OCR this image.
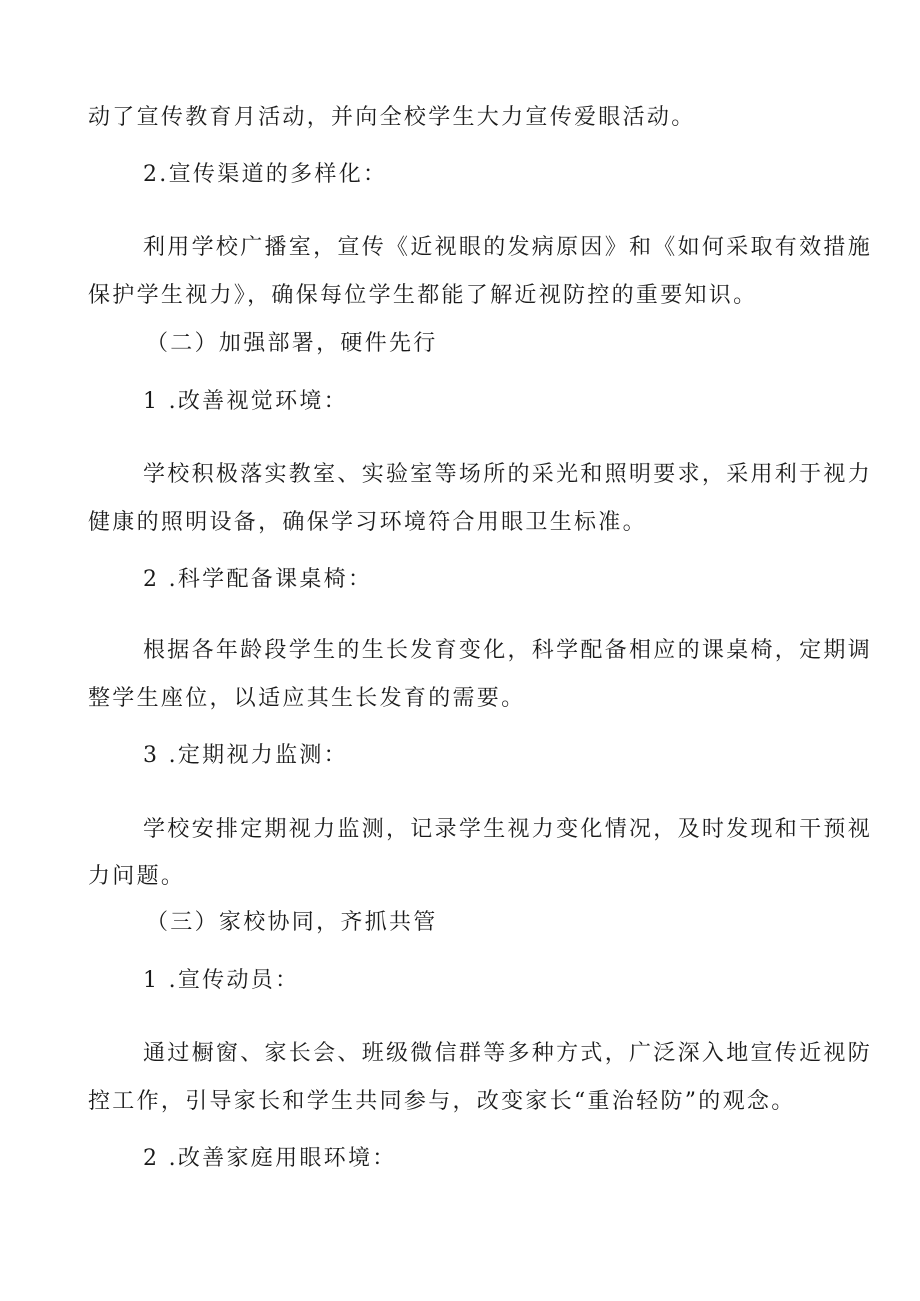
动了宣传教育月活动，并向全校学生大力宣传爱眼活动。
2.宣传渠道的多样化：
利用学校广播室，宣传《近视眼的发病原因》和《如何采取有效措施
保护学生视力》，确保每位学生都能了解近视防控的重要知识。
（二）加强部署，硬件先行
1 .改善视觉环境：
学校积极落实教室、实验室等场所的采光和照明要求，采用利于视力
健康的照明设备，确保学习环境符合用眼卫生标准。
2 .科学配备课桌椅：
根据各年龄段学生的生长发育变化，科学配备相应的课桌椅，定期调
整学生座位，以适应其生长发育的需要。
3 .定期视力监测：
学校安排定期视力监测，记录学生视力变化情况，及时发现和干预视
力问题。
（三）家校协同，齐抓共管
1 .宣传动员：
通过橱窗、家长会、班级微信群等多种方式，广泛深入地宣传近视防
控工作，引导家长和学生共同参与，改变家长“重治轻防”的观念。
2 .改善家庭用眼环境：
